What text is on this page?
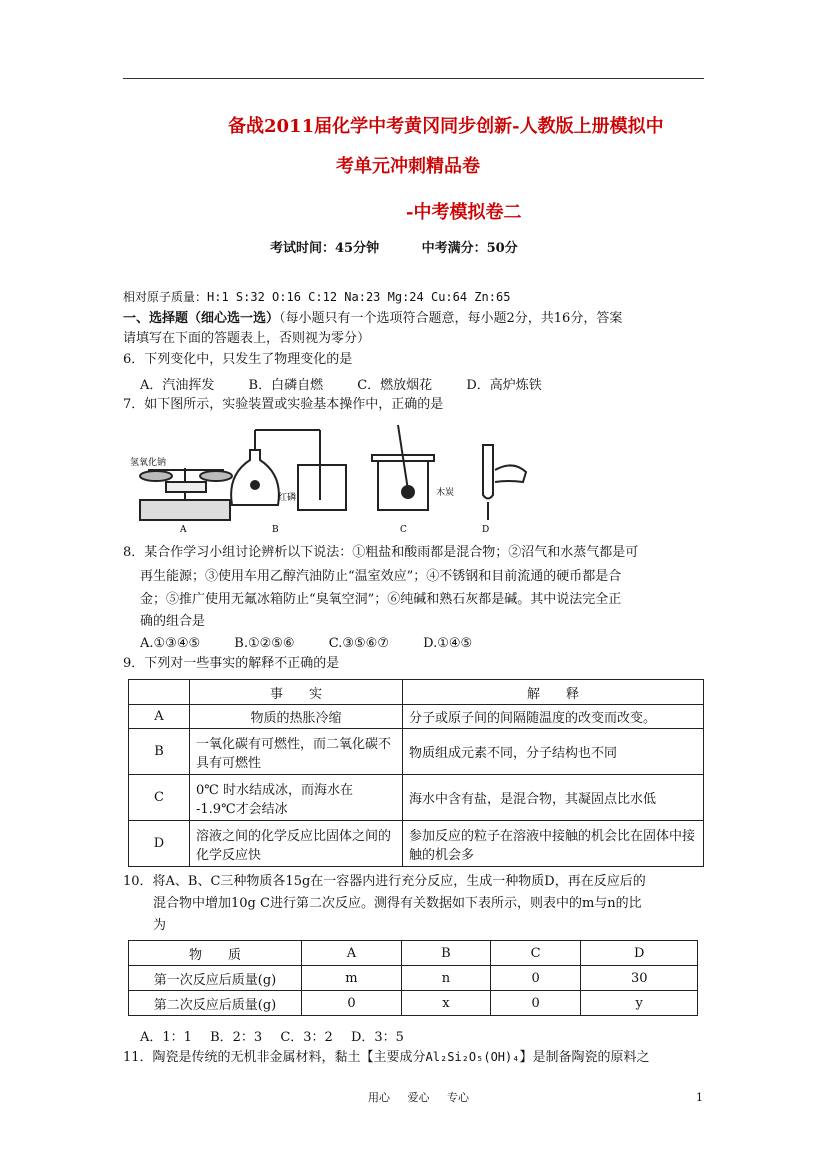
备战2011届化学中考黄冈同步创新-人教版上册模拟中
考单元冲刺精品卷
-中考模拟卷二
考试时间：45分钟	中考满分：50分
相对原子质量：H:1 S:32 O:16 C:12 Na:23 Mg:24 Cu:64 Zn:65
一、选择题（细心选一选）（每小题只有一个选项符合题意，每小题2分，共16分，答案
请填写在下面的答题表上，否则视为零分）
6．下列变化中，只发生了物理变化的是
A．汽油挥发	B．白磷自燃	C．燃放烟花	D．高炉炼铁
7．如下图所示，实验装置或实验基本操作中，正确的是
氢氧化钠
A
红磷
B
木炭
C	D
8．某合作学习小组讨论辨析以下说法：①粗盐和酸雨都是混合物；②沼气和水蒸气都是可
再生能源；③使用车用乙醇汽油防止“温室效应”；④不锈钢和目前流通的硬币都是合
金；⑤推广使用无氟冰箱防止“臭氧空洞”；⑥纯碱和熟石灰都是碱。其中说法完全正
确的组合是
A.①③④⑤	B.①②⑤⑥	C.③⑤⑥⑦	D.①④⑤
9．下列对一些事实的解释不正确的是
	事　　实	解　　释
A	物质的热胀冷缩	分子或原子间的间隔随温度的改变而改变。
B	一氧化碳有可燃性，而二氧化碳不具有可燃性	物质组成元素不同，分子结构也不同
C	0℃ 时水结成冰，而海水在 -1.9℃才会结冰	海水中含有盐，是混合物，其凝固点比水低
D	溶液之间的化学反应比固体之间的化学反应快	参加反应的粒子在溶液中接触的机会比在固体中接触的机会多
10．将A、B、C三种物质各15g在一容器内进行充分反应，生成一种物质D，再在反应后的
混合物中增加10g C进行第二次反应。测得有关数据如下表所示，则表中的m与n的比
为
物　　质	A	B	C	D
第一次反应后质量(g)	m	n	0	30
第二次反应后质量(g)	0	x	0	y
A．1：1 B．2：3 C．3：2 D．3：5
11．陶瓷是传统的无机非金属材料，黏土【主要成分Al₂Si₂O₅(OH)₄】是制备陶瓷的原料之
用心 爱心 专心	1
